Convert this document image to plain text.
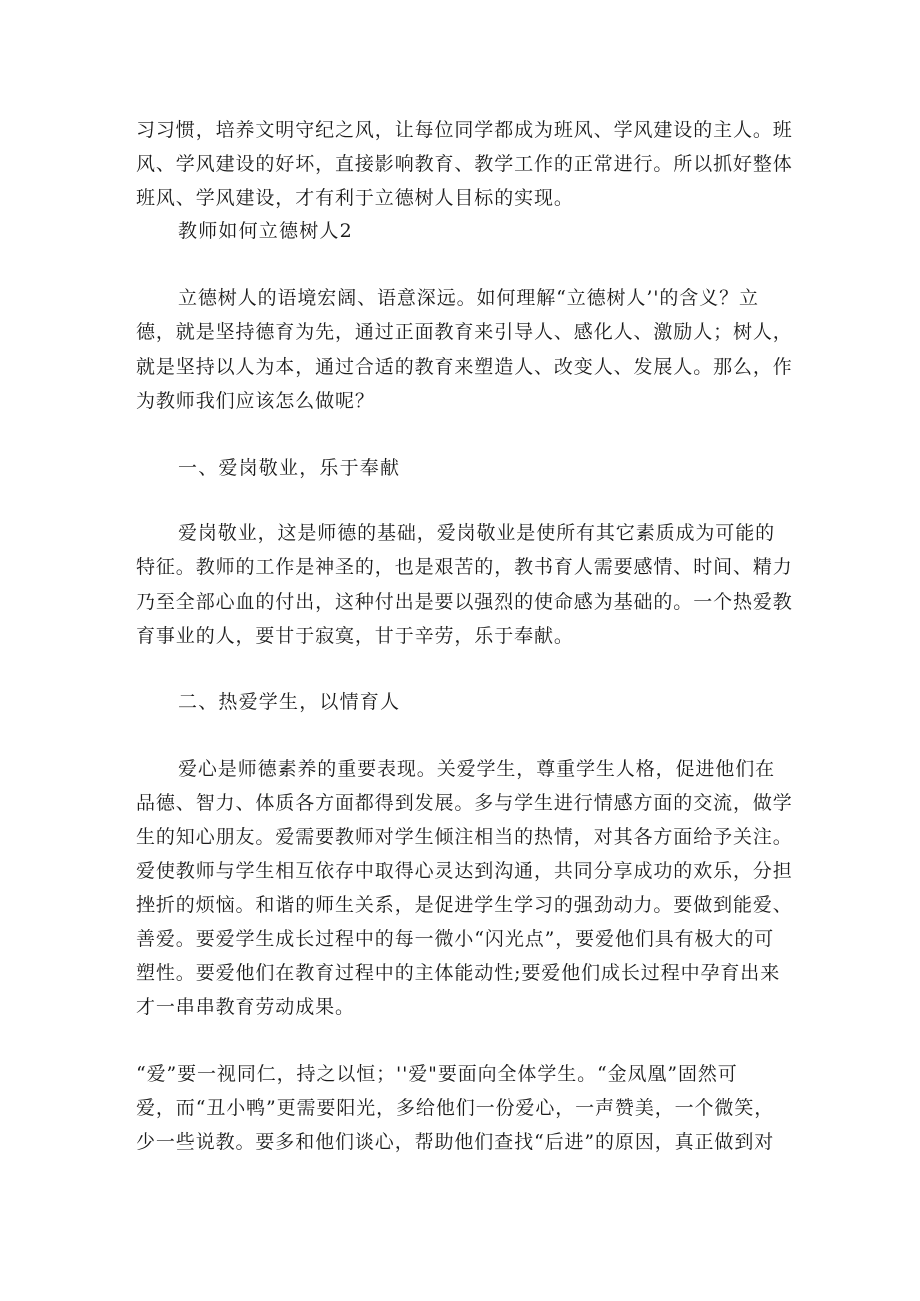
习习惯，培养文明守纪之风，让每位同学都成为班风、学风建设的主人。班
风、学风建设的好坏，直接影响教育、教学工作的正常进行。所以抓好整体
班风、学风建设，才有利于立德树人目标的实现。
教师如何立德树人2
立德树人的语境宏阔、语意深远。如何理解“立德树人’'的含义？立
德，就是坚持德育为先，通过正面教育来引导人、感化人、激励人；树人，
就是坚持以人为本，通过合适的教育来塑造人、改变人、发展人。那么，作
为教师我们应该怎么做呢？
一、爱岗敬业，乐于奉献
爱岗敬业，这是师德的基础，爱岗敬业是使所有其它素质成为可能的
特征。教师的工作是神圣的，也是艰苦的，教书育人需要感情、时间、精力
乃至全部心血的付出，这种付出是要以强烈的使命感为基础的。一个热爱教
育事业的人，要甘于寂寞，甘于辛劳，乐于奉献。
二、热爱学生，以情育人
爱心是师德素养的重要表现。关爱学生，尊重学生人格，促进他们在
品德、智力、体质各方面都得到发展。多与学生进行情感方面的交流，做学
生的知心朋友。爱需要教师对学生倾注相当的热情，对其各方面给予关注。
爱使教师与学生相互依存中取得心灵达到沟通，共同分享成功的欢乐，分担
挫折的烦恼。和谐的师生关系，是促进学生学习的强劲动力。要做到能爱、
善爱。要爱学生成长过程中的每一微小“闪光点”，要爱他们具有极大的可
塑性。要爱他们在教育过程中的主体能动性;要爱他们成长过程中孕育出来
才一串串教育劳动成果。
“爱”要一视同仁，持之以恒；''爱"要面向全体学生。“金凤凰”固然可
爱，而“丑小鸭”更需要阳光，多给他们一份爱心，一声赞美，一个微笑，
少一些说教。要多和他们谈心，帮助他们查找“后进”的原因，真正做到对
